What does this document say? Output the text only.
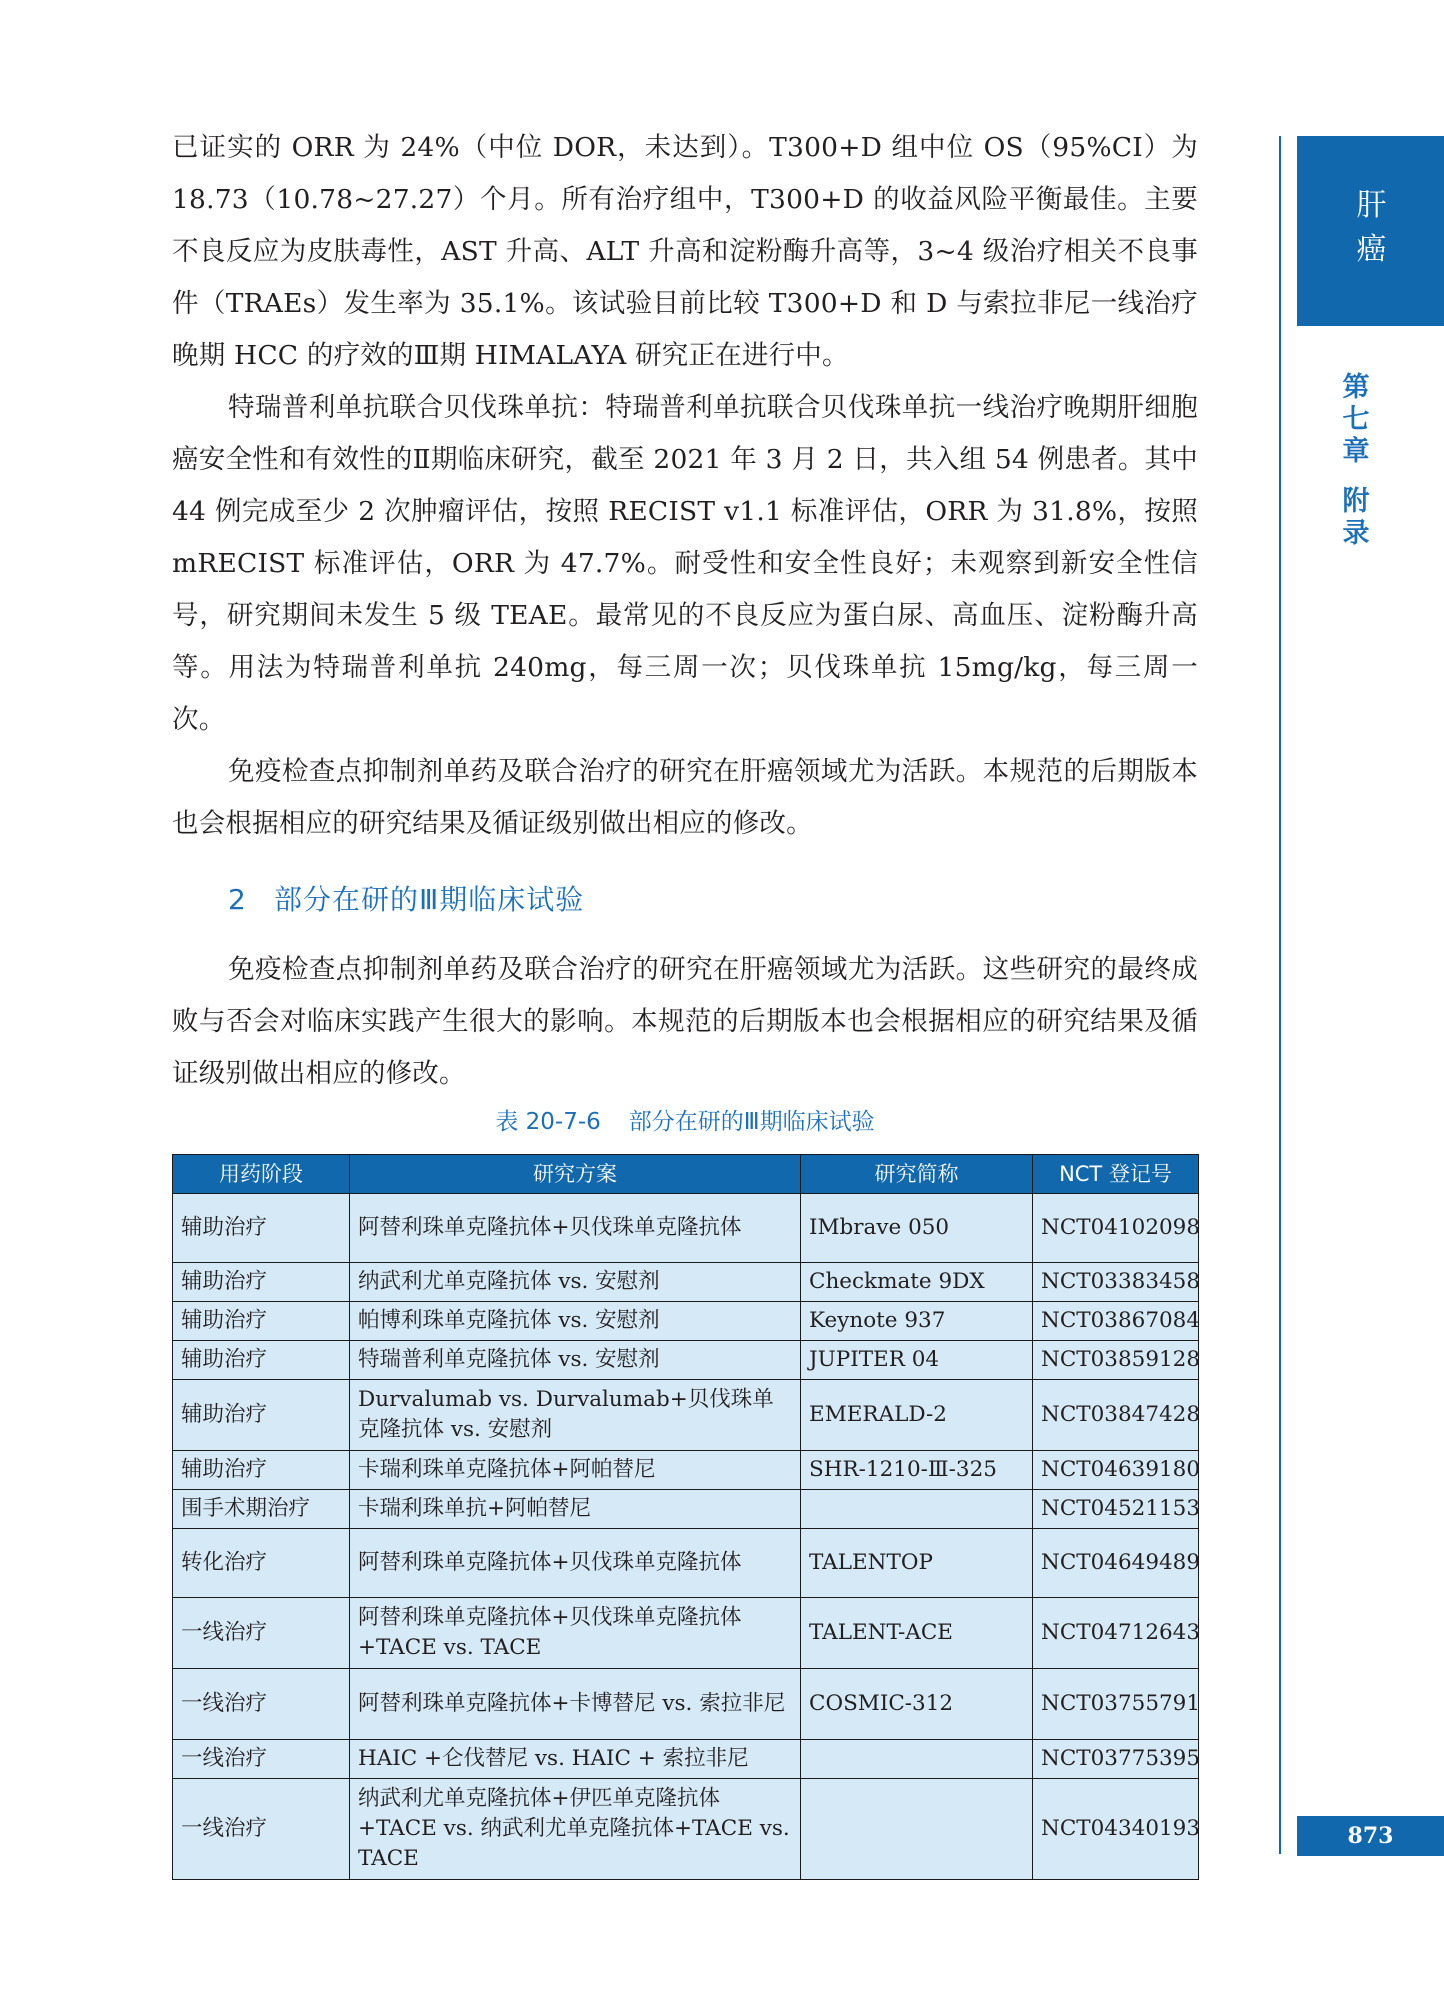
肝
癌
第
七
章
附
录
873

已证实的 ORR 为 24%（中位 DOR，未达到）。T300+D 组中位 OS（95%CI）为 18.73（10.78~27.27）个月。所有治疗组中，T300+D 的收益风险平衡最佳。主要不良反应为皮肤毒性，AST 升高、ALT 升高和淀粉酶升高等，3~4 级治疗相关不良事件（TRAEs）发生率为 35.1%。该试验目前比较 T300+D 和 D 与索拉非尼一线治疗晚期 HCC 的疗效的Ⅲ期 HIMALAYA 研究正在进行中。

特瑞普利单抗联合贝伐珠单抗：特瑞普利单抗联合贝伐珠单抗一线治疗晚期肝细胞癌安全性和有效性的Ⅱ期临床研究，截至 2021 年 3 月 2 日，共入组 54 例患者。其中 44 例完成至少 2 次肿瘤评估，按照 RECIST v1.1 标准评估，ORR 为 31.8%，按照 mRECIST 标准评估，ORR 为 47.7%。耐受性和安全性良好；未观察到新安全性信号，研究期间未发生 5 级 TEAE。最常见的不良反应为蛋白尿、高血压、淀粉酶升高等。用法为特瑞普利单抗 240mg，每三周一次；贝伐珠单抗 15mg/kg，每三周一次。

免疫检查点抑制剂单药及联合治疗的研究在肝癌领域尤为活跃。本规范的后期版本也会根据相应的研究结果及循证级别做出相应的修改。

2 部分在研的Ⅲ期临床试验

免疫检查点抑制剂单药及联合治疗的研究在肝癌领域尤为活跃。这些研究的最终成败与否会对临床实践产生很大的影响。本规范的后期版本也会根据相应的研究结果及循证级别做出相应的修改。

表 20-7-6 部分在研的Ⅲ期临床试验
用药阶段	研究方案	研究简称	NCT 登记号
辅助治疗	阿替利珠单克隆抗体+贝伐珠单克隆抗体	IMbrave 050	NCT04102098
辅助治疗	纳武利尤单克隆抗体 vs. 安慰剂	Checkmate 9DX	NCT03383458
辅助治疗	帕博利珠单克隆抗体 vs. 安慰剂	Keynote 937	NCT03867084
辅助治疗	特瑞普利单克隆抗体 vs. 安慰剂	JUPITER 04	NCT03859128
辅助治疗	Durvalumab vs. Durvalumab+贝伐珠单克隆抗体 vs. 安慰剂	EMERALD-2	NCT03847428
辅助治疗	卡瑞利珠单克隆抗体+阿帕替尼	SHR-1210-Ⅲ-325	NCT04639180
围手术期治疗	卡瑞利珠单抗+阿帕替尼		NCT04521153
转化治疗	阿替利珠单克隆抗体+贝伐珠单克隆抗体	TALENTOP	NCT04649489
一线治疗	阿替利珠单克隆抗体+贝伐珠单克隆抗体+TACE vs. TACE	TALENT-ACE	NCT04712643
一线治疗	阿替利珠单克隆抗体+卡博替尼 vs. 索拉非尼	COSMIC-312	NCT03755791
一线治疗	HAIC +仑伐替尼 vs. HAIC + 索拉非尼		NCT03775395
一线治疗	纳武利尤单克隆抗体+伊匹单克隆抗体+TACE vs. 纳武利尤单克隆抗体+TACE vs. TACE		NCT04340193
